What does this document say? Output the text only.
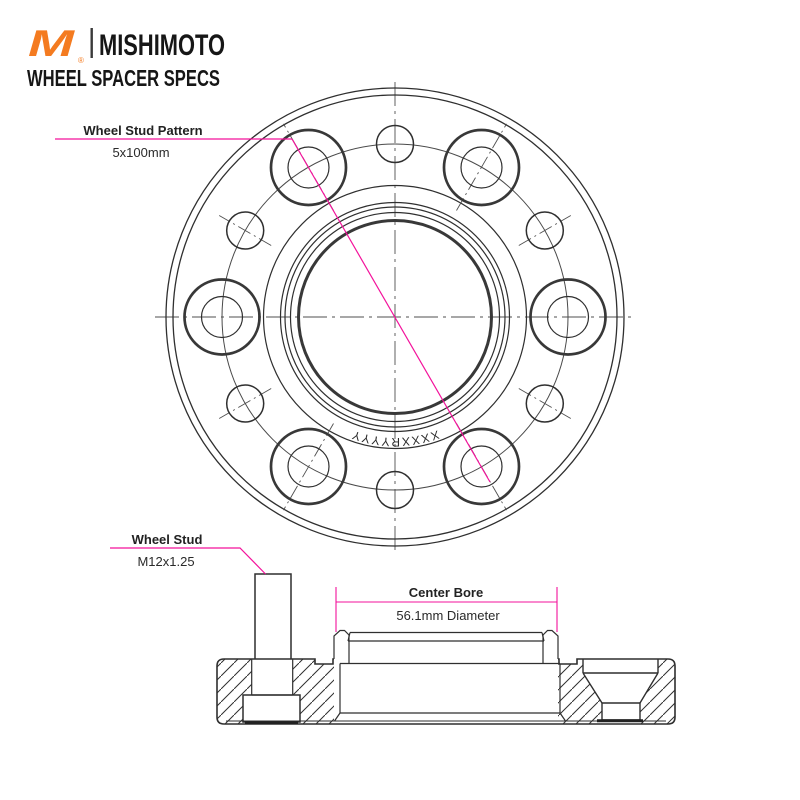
M ® MISHIMOTO
WHEEL SPACER SPECS
XXXXRYYYY
Wheel Stud Pattern
5x100mm
Wheel Stud
M12x1.25
Center Bore
56.1mm Diameter
